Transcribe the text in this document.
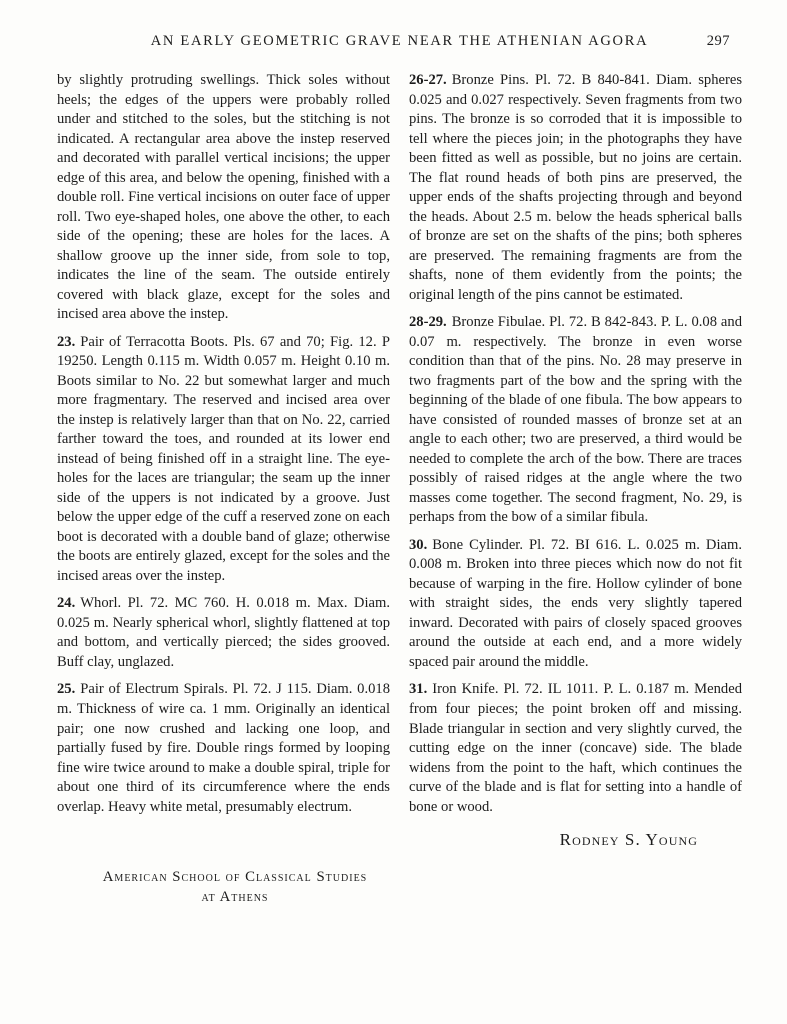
AN EARLY GEOMETRIC GRAVE NEAR THE ATHENIAN AGORA	297

by slightly protruding swellings. Thick soles without heels; the edges of the uppers were probably rolled under and stitched to the soles, but the stitching is not indicated. A rectangular area above the instep reserved and decorated with parallel vertical incisions; the upper edge of this area, and below the opening, finished with a double roll. Fine vertical incisions on outer face of upper roll. Two eye-shaped holes, one above the other, to each side of the opening; these are holes for the laces. A shallow groove up the inner side, from sole to top, indicates the line of the seam. The outside entirely covered with black glaze, except for the soles and incised area above the instep.

23. Pair of Terracotta Boots. Pls. 67 and 70; Fig. 12. P 19250. Length 0.115 m. Width 0.057 m. Height 0.10 m. Boots similar to No. 22 but somewhat larger and much more fragmentary. The reserved and incised area over the instep is relatively larger than that on No. 22, carried farther toward the toes, and rounded at its lower end instead of being finished off in a straight line. The eye-holes for the laces are triangular; the seam up the inner side of the uppers is not indicated by a groove. Just below the upper edge of the cuff a reserved zone on each boot is decorated with a double band of glaze; otherwise the boots are entirely glazed, except for the soles and the incised areas over the instep.

24. Whorl. Pl. 72. MC 760. H. 0.018 m. Max. Diam. 0.025 m. Nearly spherical whorl, slightly flattened at top and bottom, and vertically pierced; the sides grooved. Buff clay, unglazed.

25. Pair of Electrum Spirals. Pl. 72. J 115. Diam. 0.018 m. Thickness of wire ca. 1 mm. Originally an identical pair; one now crushed and lacking one loop, and partially fused by fire. Double rings formed by looping fine wire twice around to make a double spiral, triple for about one third of its circumference where the ends overlap. Heavy white metal, presumably electrum.

26-27. Bronze Pins. Pl. 72. B 840-841. Diam. spheres 0.025 and 0.027 respectively. Seven fragments from two pins. The bronze is so corroded that it is impossible to tell where the pieces join; in the photographs they have been fitted as well as possible, but no joins are certain. The flat round heads of both pins are preserved, the upper ends of the shafts projecting through and beyond the heads. About 2.5 m. below the heads spherical balls of bronze are set on the shafts of the pins; both spheres are preserved. The remaining fragments are from the shafts, none of them evidently from the points; the original length of the pins cannot be estimated.

28-29. Bronze Fibulae. Pl. 72. B 842-843. P. L. 0.08 and 0.07 m. respectively. The bronze in even worse condition than that of the pins. No. 28 may preserve in two fragments part of the bow and the spring with the beginning of the blade of one fibula. The bow appears to have consisted of rounded masses of bronze set at an angle to each other; two are preserved, a third would be needed to complete the arch of the bow. There are traces possibly of raised ridges at the angle where the two masses come together. The second fragment, No. 29, is perhaps from the bow of a similar fibula.

30. Bone Cylinder. Pl. 72. BI 616. L. 0.025 m. Diam. 0.008 m. Broken into three pieces which now do not fit because of warping in the fire. Hollow cylinder of bone with straight sides, the ends very slightly tapered inward. Decorated with pairs of closely spaced grooves around the outside at each end, and a more widely spaced pair around the middle.

31. Iron Knife. Pl. 72. IL 1011. P. L. 0.187 m. Mended from four pieces; the point broken off and missing. Blade triangular in section and very slightly curved, the cutting edge on the inner (concave) side. The blade widens from the point to the haft, which continues the curve of the blade and is flat for setting into a handle of bone or wood.

Rodney S. Young
American School of Classical Studies
at Athens
